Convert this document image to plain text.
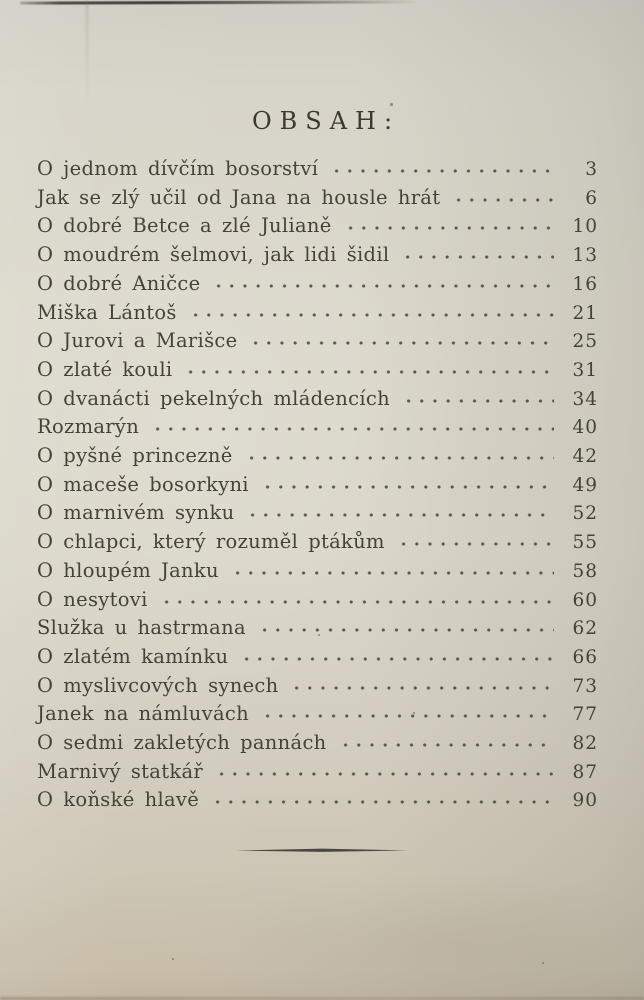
OBSAH:
O jednom dívčím bosorství	3
Jak se zlý učil od Jana na housle hrát	6
O dobré Betce a zlé Julianě	10
O moudrém šelmovi, jak lidi šidil	13
O dobré Aničce	16
Miška Lántoš	21
O Jurovi a Marišce	25
O zlaté kouli	31
O dvanácti pekelných mládencích	34
Rozmarýn	40
O pyšné princezně	42
O maceše bosorkyni	49
O marnivém synku	52
O chlapci, který rozuměl ptákům	55
O hloupém Janku	58
O nesytovi	60
Služka u hastrmana	62
O zlatém kamínku	66
O myslivcových synech	73
Janek na námluvách	77
O sedmi zakletých pannách	82
Marnivý statkář	87
O koňské hlavě	90
